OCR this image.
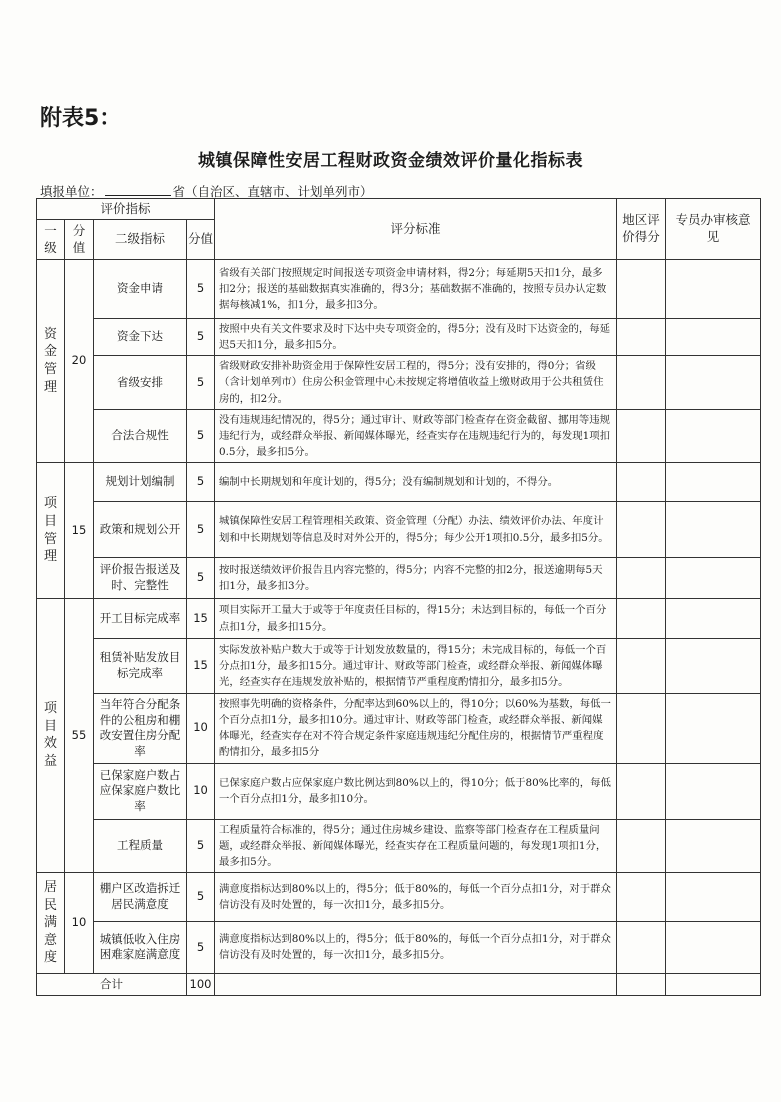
附表5：
城镇保障性安居工程财政资金绩效评价量化指标表
填报单位：	省（自治区、直辖市、计划单列市）
评价指标				评分标准	地区评价得分	专员办审核意见
一级	分值	二级指标	分值			
资金管理	20	资金申请	5	省级有关部门按照规定时间报送专项资金申请材料，得2分；每延期5天扣1分，最多扣2分；报送的基础数据真实准确的，得3分；基础数据不准确的，按照专员办认定数据每核减1%，扣1分，最多扣3分。		
		资金下达	5	按照中央有关文件要求及时下达中央专项资金的，得5分；没有及时下达资金的，每延迟5天扣1分，最多扣5分。		
		省级安排	5	省级财政安排补助资金用于保障性安居工程的，得5分；没有安排的，得0分；省级（含计划单列市）住房公积金管理中心未按规定将增值收益上缴财政用于公共租赁住房的，扣2分。		
		合法合规性	5	没有违规违纪情况的，得5分；通过审计、财政等部门检查存在资金截留、挪用等违规违纪行为，或经群众举报、新闻媒体曝光，经查实存在违规违纪行为的，每发现1项扣0.5分，最多扣5分。		
项目管理	15	规划计划编制	5	编制中长期规划和年度计划的，得5分；没有编制规划和计划的，不得分。		
		政策和规划公开	5	城镇保障性安居工程管理相关政策、资金管理（分配）办法、绩效评价办法、年度计划和中长期规划等信息及时对外公开的，得5分；每少公开1项扣0.5分，最多扣5分。		
		评价报告报送及时、完整性	5	按时报送绩效评价报告且内容完整的，得5分；内容不完整的扣2分，报送逾期每5天扣1分，最多扣3分。		
项目效益	55	开工目标完成率	15	项目实际开工量大于或等于年度责任目标的，得15分；未达到目标的，每低一个百分点扣1分，最多扣15分。		
		租赁补贴发放目标完成率	15	实际发放补贴户数大于或等于计划发放数量的，得15分；未完成目标的，每低一个百分点扣1分，最多扣15分。通过审计、财政等部门检查，或经群众举报、新闻媒体曝光，经查实存在违规发放补贴的，根据情节严重程度酌情扣分，最多扣5分。		
		当年符合分配条件的公租房和棚改安置住房分配率	10	按照事先明确的资格条件，分配率达到60%以上的，得10分；以60%为基数，每低一个百分点扣1分，最多扣10分。通过审计、财政等部门检查，或经群众举报、新闻媒体曝光，经查实存在对不符合规定条件家庭违规违纪分配住房的，根据情节严重程度酌情扣分，最多扣5分		
		已保家庭户数占应保家庭户数比率	10	已保家庭户数占应保家庭户数比例达到80%以上的，得10分；低于80%比率的，每低一个百分点扣1分，最多扣10分。		
		工程质量	5	工程质量符合标准的，得5分；通过住房城乡建设、监察等部门检查存在工程质量问题，或经群众举报、新闻媒体曝光，经查实存在工程质量问题的，每发现1项扣1分，最多扣5分。		
居民满意度	10	棚户区改造拆迁居民满意度	5	满意度指标达到80%以上的，得5分；低于80%的，每低一个百分点扣1分，对于群众信访没有及时处置的，每一次扣1分，最多扣5分。		
		城镇低收入住房困难家庭满意度	5	满意度指标达到80%以上的，得5分；低于80%的，每低一个百分点扣1分，对于群众信访没有及时处置的，每一次扣1分，最多扣5分。		
合计			100			
